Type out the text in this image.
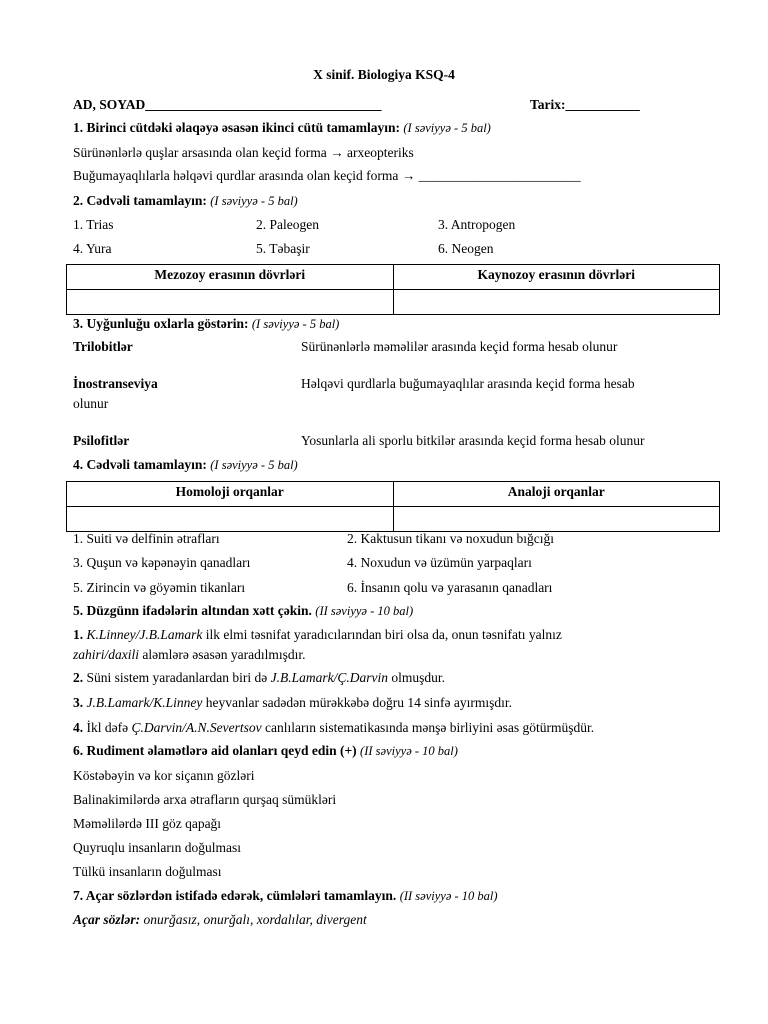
X sinif. Biologiya KSQ-4
AD, SOYAD___________________________________	Tarix:___________
1. Birinci cütdəki əlaqəyə əsasən ikinci cütü tamamlayın: (I səviyyə - 5 bal)
Sürünənlərlə quşlar arsasında olan keçid forma → arxeopteriks
Buğumayaqlılarla həlqəvi qurdlar arasında olan keçid forma → ________________________
2. Cədvəli tamamlayın: (I səviyyə - 5 bal)
1. Trias	2. Paleogen	3. Antropogen
4. Yura	5. Təbaşir	6. Neogen
Mezozoy erasının dövrləri	Kaynozoy erasının dövrləri

3. Uyğunluğu oxlarla göstərin: (I səviyyə - 5 bal)
Trilobitlər	Sürünənlərlə məməlilər arasında keçid forma hesab olunur
İnostranseviya	Həlqəvi qurdlarla buğumayaqlılar arasında keçid forma hesab
olunur
Psilofitlər	Yosunlarla ali sporlu bitkilər arasında keçid forma hesab olunur
4. Cədvəli tamamlayın: (I səviyyə - 5 bal)
Homoloji orqanlar	Analoji orqanlar

1. Suiti və delfinin ətrafları	2. Kaktusun tikanı və noxudun bığcığı
3. Quşun və kəpənəyin qanadları	4. Noxudun və üzümün yarpaqları
5. Zirincin və göyəmin tikanları	6. İnsanın qolu və yarasanın qanadları
5. Düzgünn ifadələrin altından xətt çəkin. (II səviyyə - 10 bal)
1. K.Linney/J.B.Lamark ilk elmi təsnifat yaradıcılarından biri olsa da, onun təsnifatı yalnız
zahiri/daxili aləmlərə əsasən yaradılmışdır.
2. Süni sistem yaradanlardan biri də J.B.Lamark/Ç.Darvin olmuşdur.
3. J.B.Lamark/K.Linney heyvanlar sadədən mürəkkəbə doğru 14 sinfə ayırmışdır.
4. İkl dəfə Ç.Darvin/A.N.Severtsov canlıların sistematikasında mənşə birliyini əsas götürmüşdür.
6. Rudiment əlamətlərə aid olanları qeyd edin (+) (II səviyyə - 10 bal)
Köstəbəyin və kor siçanın gözləri
Balinakimilərdə arxa ətrafların qurşaq sümükləri
Məməlilərdə III göz qapağı
Quyruqlu insanların doğulması
Tülkü insanların doğulması
7. Açar sözlərdən istifadə edərək, cümlələri tamamlayın. (II səviyyə - 10 bal)
Açar sözlər: onurğasız, onurğalı, xordalılar, divergent
